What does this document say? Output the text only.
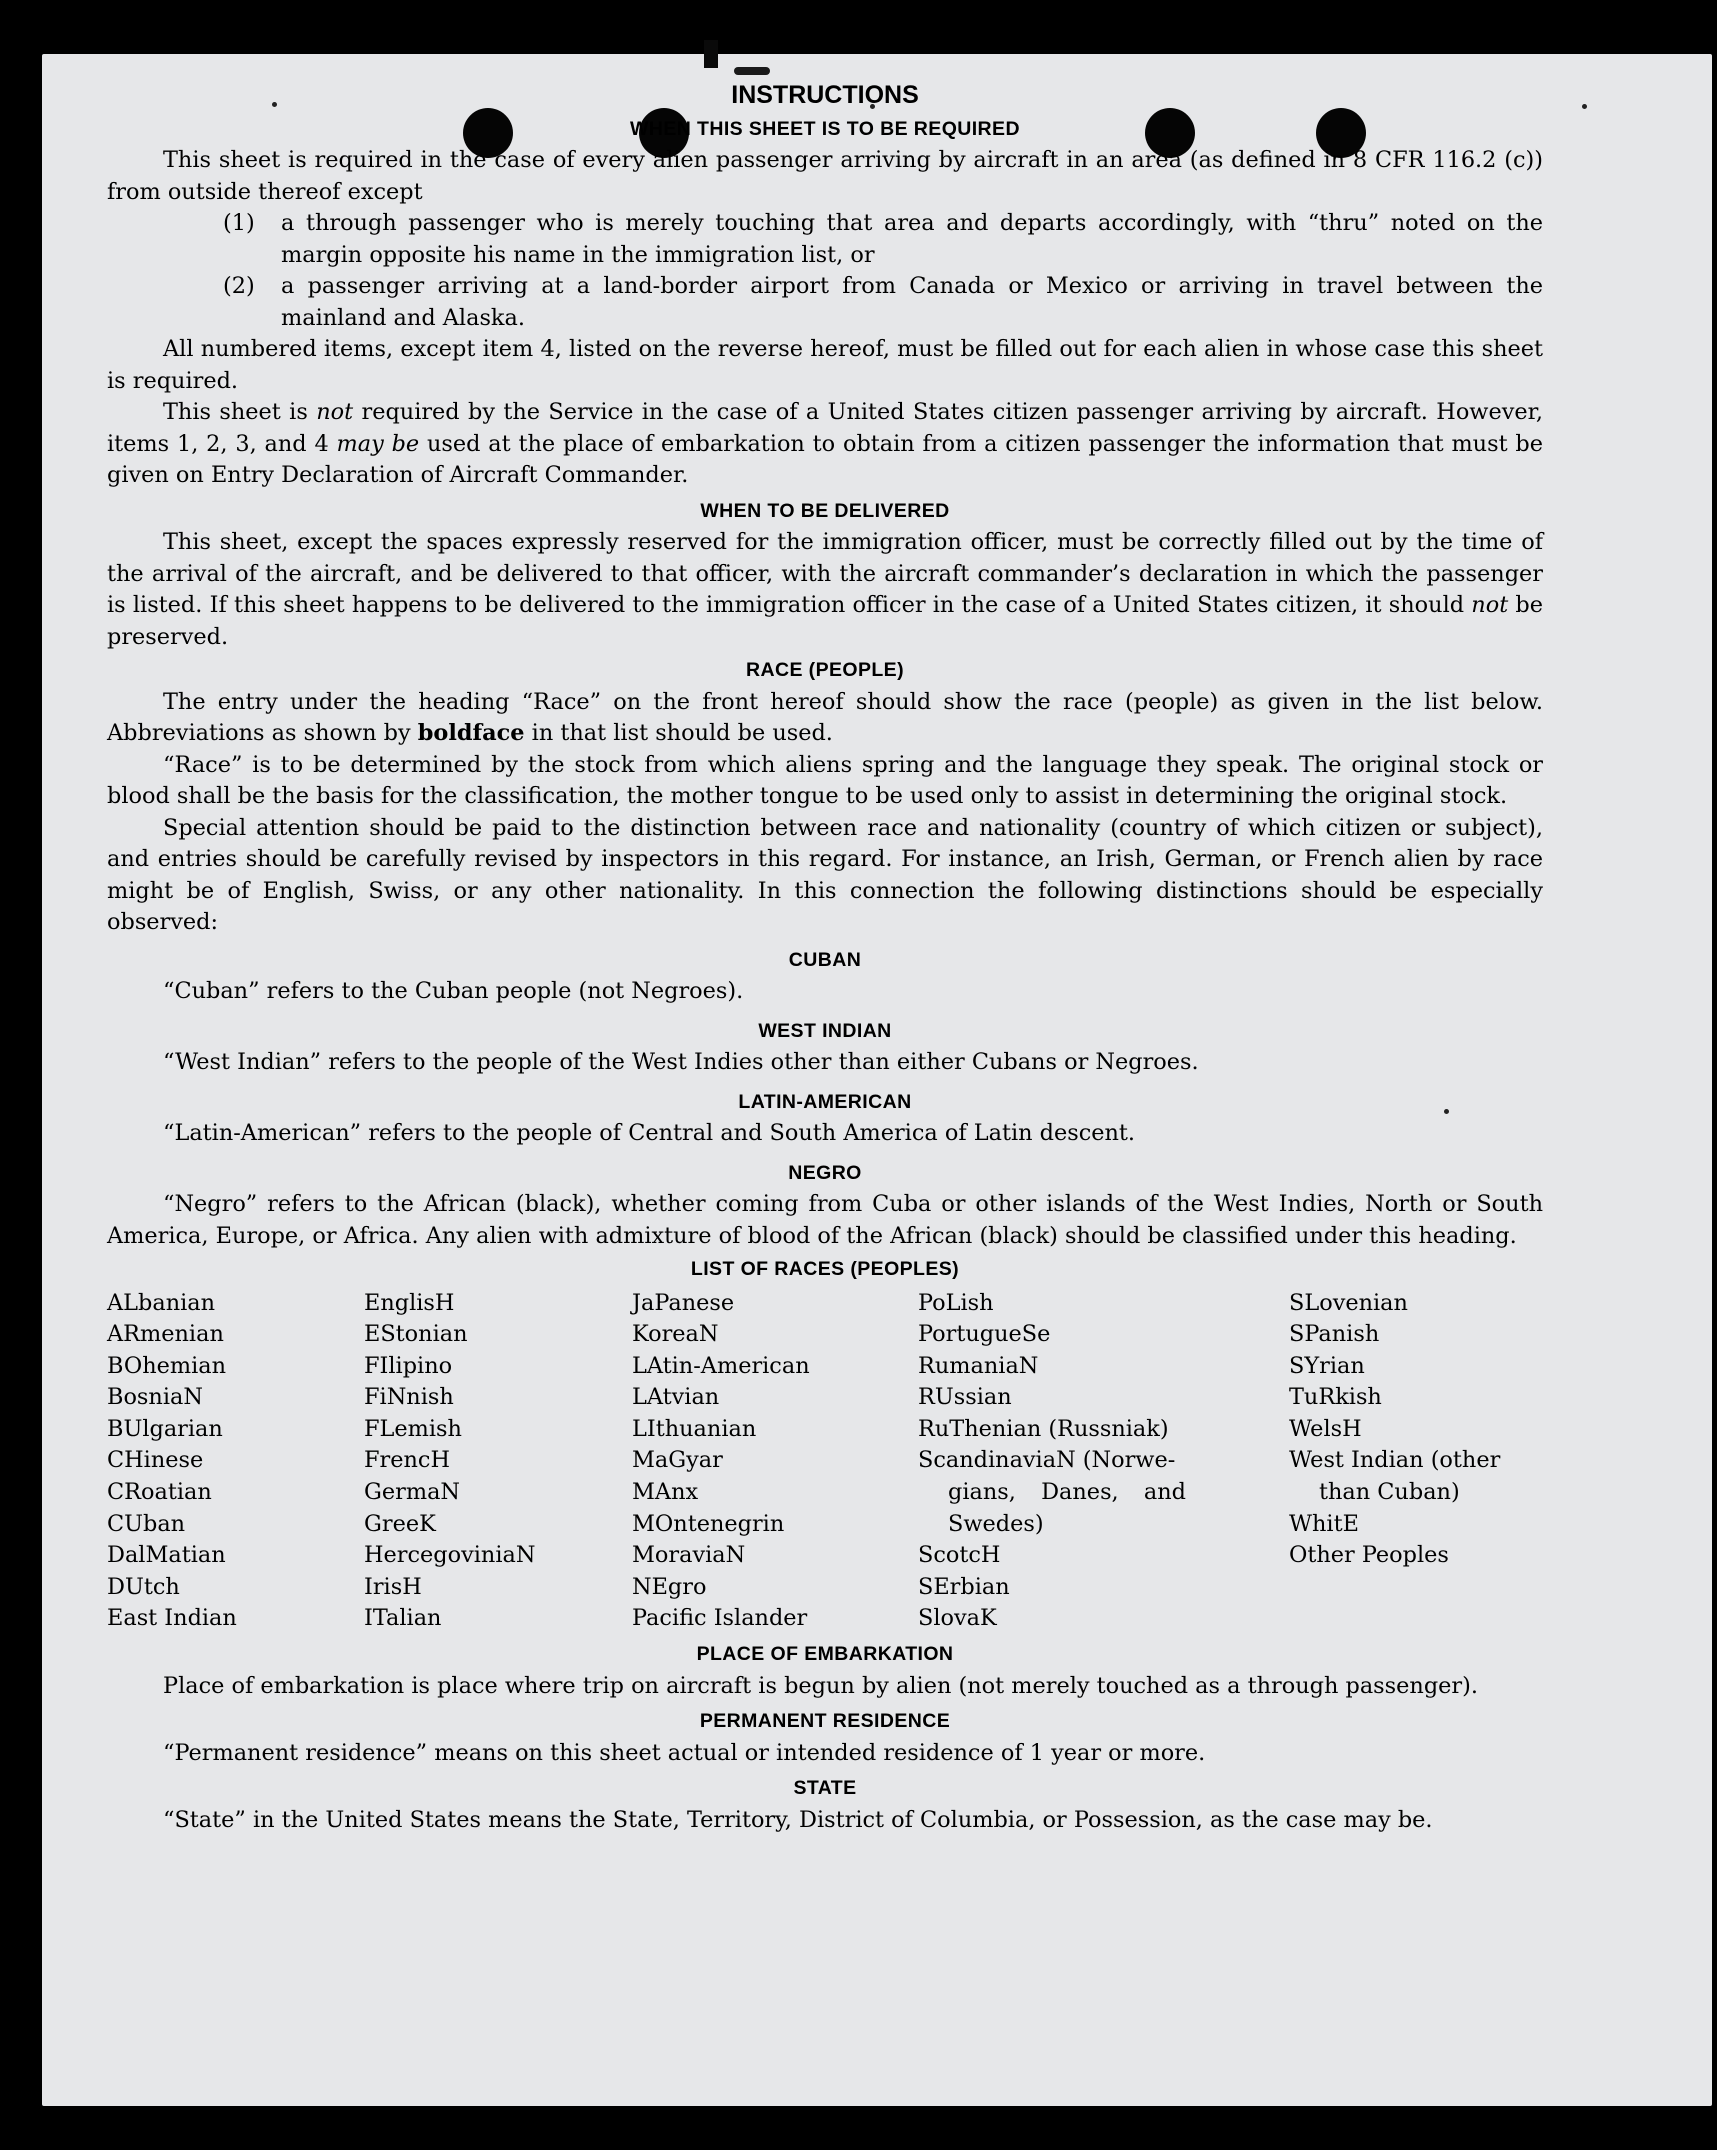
INSTRUCTIONS
WHEN THIS SHEET IS TO BE REQUIRED

This sheet is required in the case of every alien passenger arriving by aircraft in an area (as defined in 8 CFR 116.2 (c)) from outside thereof except

(1)	a through passenger who is merely touching that area and departs accordingly, with “thru” noted on the margin opposite his name in the immigration list, or
(2)	a passenger arriving at a land-border airport from Canada or Mexico or arriving in travel between the mainland and Alaska.

All numbered items, except item 4, listed on the reverse hereof, must be filled out for each alien in whose case this sheet is required.

This sheet is not required by the Service in the case of a United States citizen passenger arriving by aircraft. However, items 1, 2, 3, and 4 may be used at the place of embarkation to obtain from a citizen passenger the information that must be given on Entry Declaration of Aircraft Commander.

WHEN TO BE DELIVERED

This sheet, except the spaces expressly reserved for the immigration officer, must be correctly filled out by the time of the arrival of the aircraft, and be delivered to that officer, with the aircraft commander’s declaration in which the passenger is listed. If this sheet happens to be delivered to the immigration officer in the case of a United States citizen, it should not be preserved.

RACE (PEOPLE)

The entry under the heading “Race” on the front hereof should show the race (people) as given in the list below. Abbreviations as shown by boldface in that list should be used.

“Race” is to be determined by the stock from which aliens spring and the language they speak. The original stock or blood shall be the basis for the classification, the mother tongue to be used only to assist in determining the original stock.

Special attention should be paid to the distinction between race and nationality (country of which citizen or subject), and entries should be carefully revised by inspectors in this regard. For instance, an Irish, German, or French alien by race might be of English, Swiss, or any other nationality. In this connection the following distinctions should be especially observed:

CUBAN

“Cuban” refers to the Cuban people (not Negroes).

WEST INDIAN

“West Indian” refers to the people of the West Indies other than either Cubans or Negroes.

LATIN-AMERICAN

“Latin-American” refers to the people of Central and South America of Latin descent.

NEGRO

“Negro” refers to the African (black), whether coming from Cuba or other islands of the West Indies, North or South America, Europe, or Africa. Any alien with admixture of blood of the African (black) should be classified under this heading.

LIST OF RACES (PEOPLES)
ALbanian	EnglisH	JaPanese	PoLish	SLovenian
ARmenian	EStonian	KoreaN	PortugueSe	SPanish
BOhemian	FIlipino	LAtin-American	RumaniaN	SYrian
BosniaN	FiNnish	LAtvian	RUssian	TuRkish
BUlgarian	FLemish	LIthuanian	RuThenian (Russniak)	WelsH
CHinese	FrencH	MaGyar	ScandinaviaN (Norwe-	West Indian (other
CRoatian	GermaN	MAnx	gians, Danes, and	than Cuban)
CUban	GreeK	MOntenegrin	Swedes)	WhitE
DalMatian	HercegoviniaN	MoraviaN	ScotcH	Other Peoples
DUtch	IrisH	NEgro	SErbian
East Indian	ITalian	Pacific Islander	SlovaK
PLACE OF EMBARKATION

Place of embarkation is place where trip on aircraft is begun by alien (not merely touched as a through passenger).

PERMANENT RESIDENCE

“Permanent residence” means on this sheet actual or intended residence of 1 year or more.

STATE

“State” in the United States means the State, Territory, District of Columbia, or Possession, as the case may be.
